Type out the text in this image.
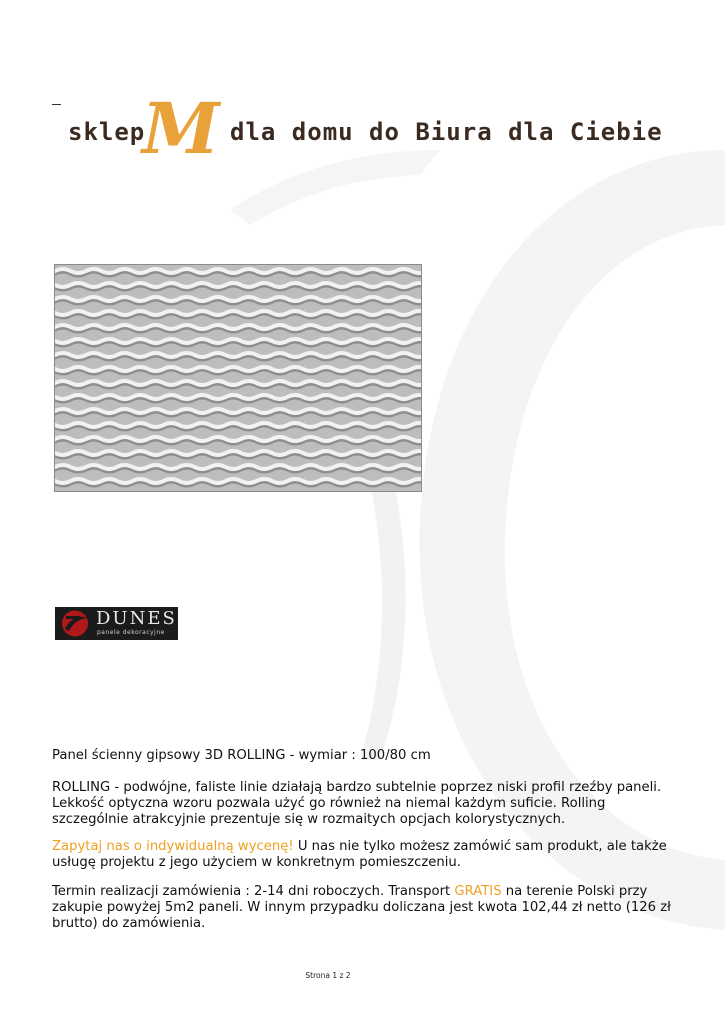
sklep
M dla domu do Biura dla Ciebie
DUNES
panele dekoracyjne
Panel ścienny gipsowy 3D ROLLING - wymiar : 100/80 cm
ROLLING - podwójne, faliste linie działają bardzo subtelnie poprzez niski profil rzeźby paneli. Lekkość optyczna wzoru pozwala użyć go również na niemal każdym suficie. Rolling szczególnie atrakcyjnie prezentuje się w rozmaitych opcjach kolorystycznych.
Zapytaj nas o indywidualną wycenę! U nas nie tylko możesz zamówić sam produkt, ale także usługę projektu z jego użyciem w konkretnym pomieszczeniu.
Termin realizacji zamówienia : 2-14 dni roboczych. Transport GRATIS na terenie Polski przy zakupie powyżej 5m2 paneli. W innym przypadku doliczana jest kwota 102,44 zł netto (126 zł brutto) do zamówienia.
Strona 1 z 2
